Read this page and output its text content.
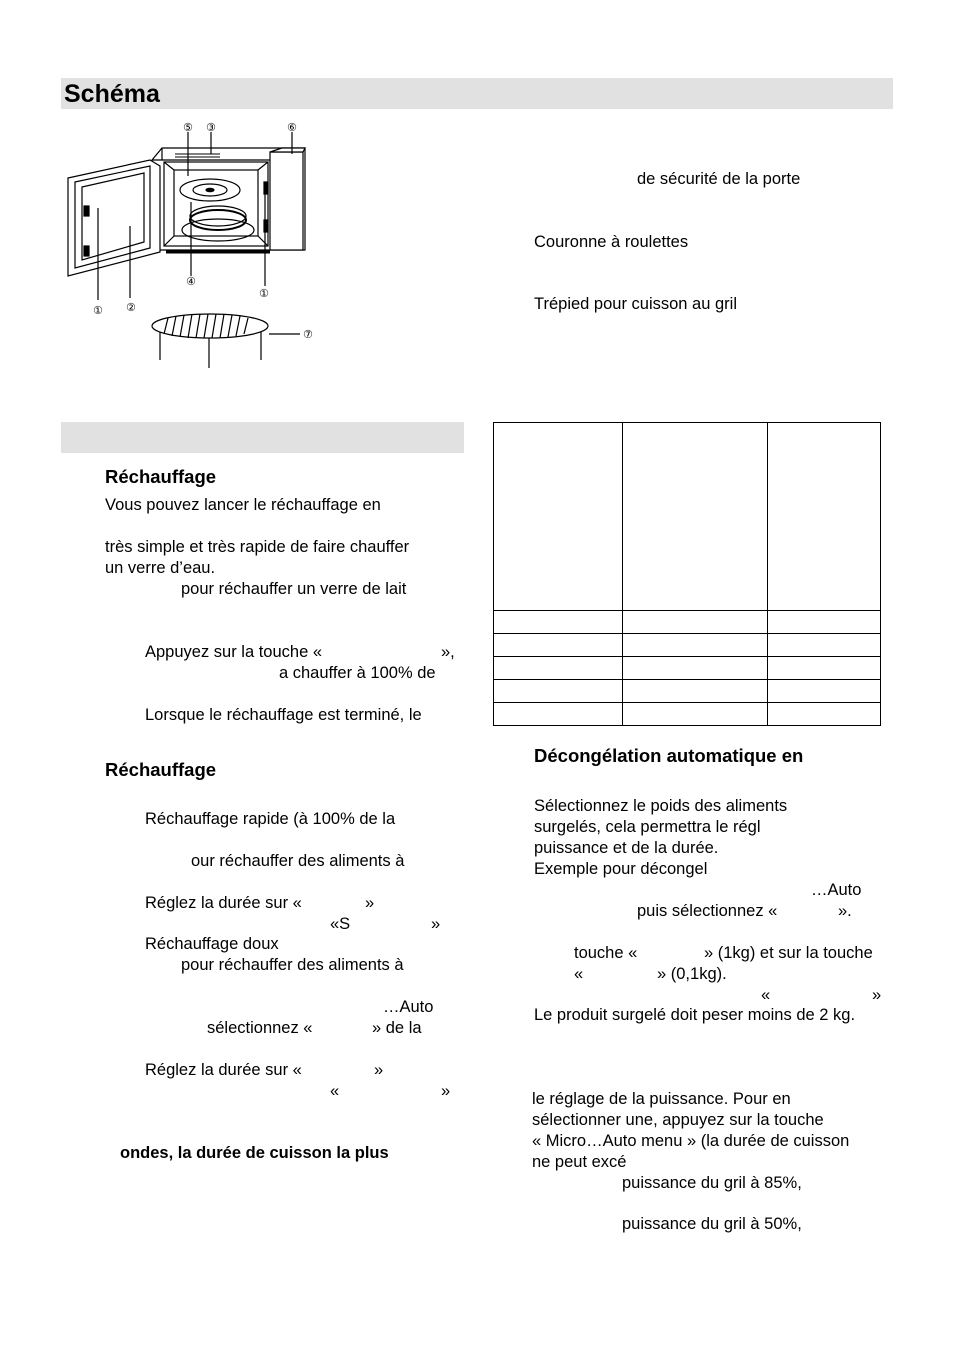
Schéma
⑤ ③	⑥
④
①
① ②
⑦
de sécurité de la porte
Couronne à roulettes
Trépied pour cuisson au gril
Réchauffage
Vous pouvez lancer le réchauffage en
très simple et très rapide de faire chauffer
un verre d’eau.
pour réchauffer un verre de lait
Appuyez sur la touche «	»,
a chauffer à 100% de
Lorsque le réchauffage est terminé, le
Réchauffage
Réchauffage rapide (à 100% de la
our réchauffer des aliments à
Réglez la durée sur «	»
«S	»
Réchauffage doux
pour réchauffer des aliments à
…Auto
sélectionnez «	» de la
Réglez la durée sur «	»
«	»
ondes, la durée de cuisson la plus

Décongélation automatique en
Sélectionnez le poids des aliments
surgelés, cela permettra le régl
puissance et de la durée.
Exemple pour décongel
…Auto
puis sélectionnez «	».
touche «	» (1kg) et sur la touche
«	» (0,1kg).
«	»
Le produit surgelé doit peser moins de 2 kg.
le réglage de la puissance. Pour en
sélectionner une, appuyez sur la touche
« Micro…Auto menu » (la durée de cuisson
ne peut excé
puissance du gril à 85%,
puissance du gril à 50%,
